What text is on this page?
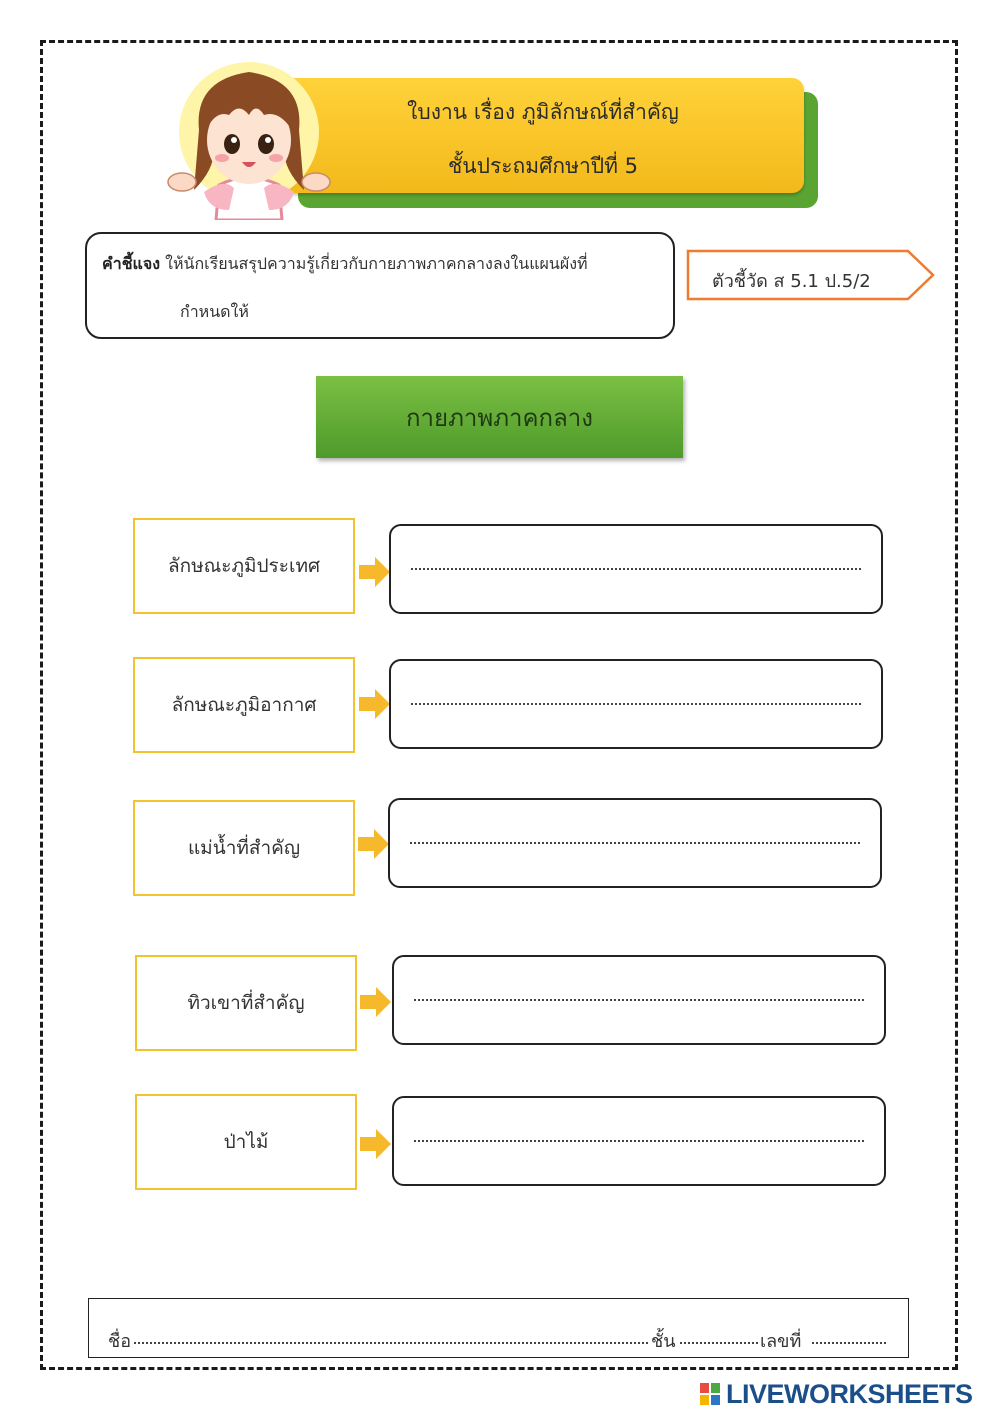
ใบงาน เรื่อง ภูมิลักษณ์ที่สำคัญ
ชั้นประถมศึกษาปีที่ 5
คำชี้แจง ให้นักเรียนสรุปความรู้เกี่ยวกับกายภาพภาคกลางลงในแผนผังที่
กำหนดให้
ตัวชี้วัด ส 5.1 ป.5/2
กายภาพภาคกลาง
ลักษณะภูมิประเทศ
ลักษณะภูมิอากาศ
แม่น้ำที่สำคัญ
ทิวเขาที่สำคัญ
ป่าไม้
ชื่อ	ชั้น	เลขที่
LIVEWORKSHEETS
